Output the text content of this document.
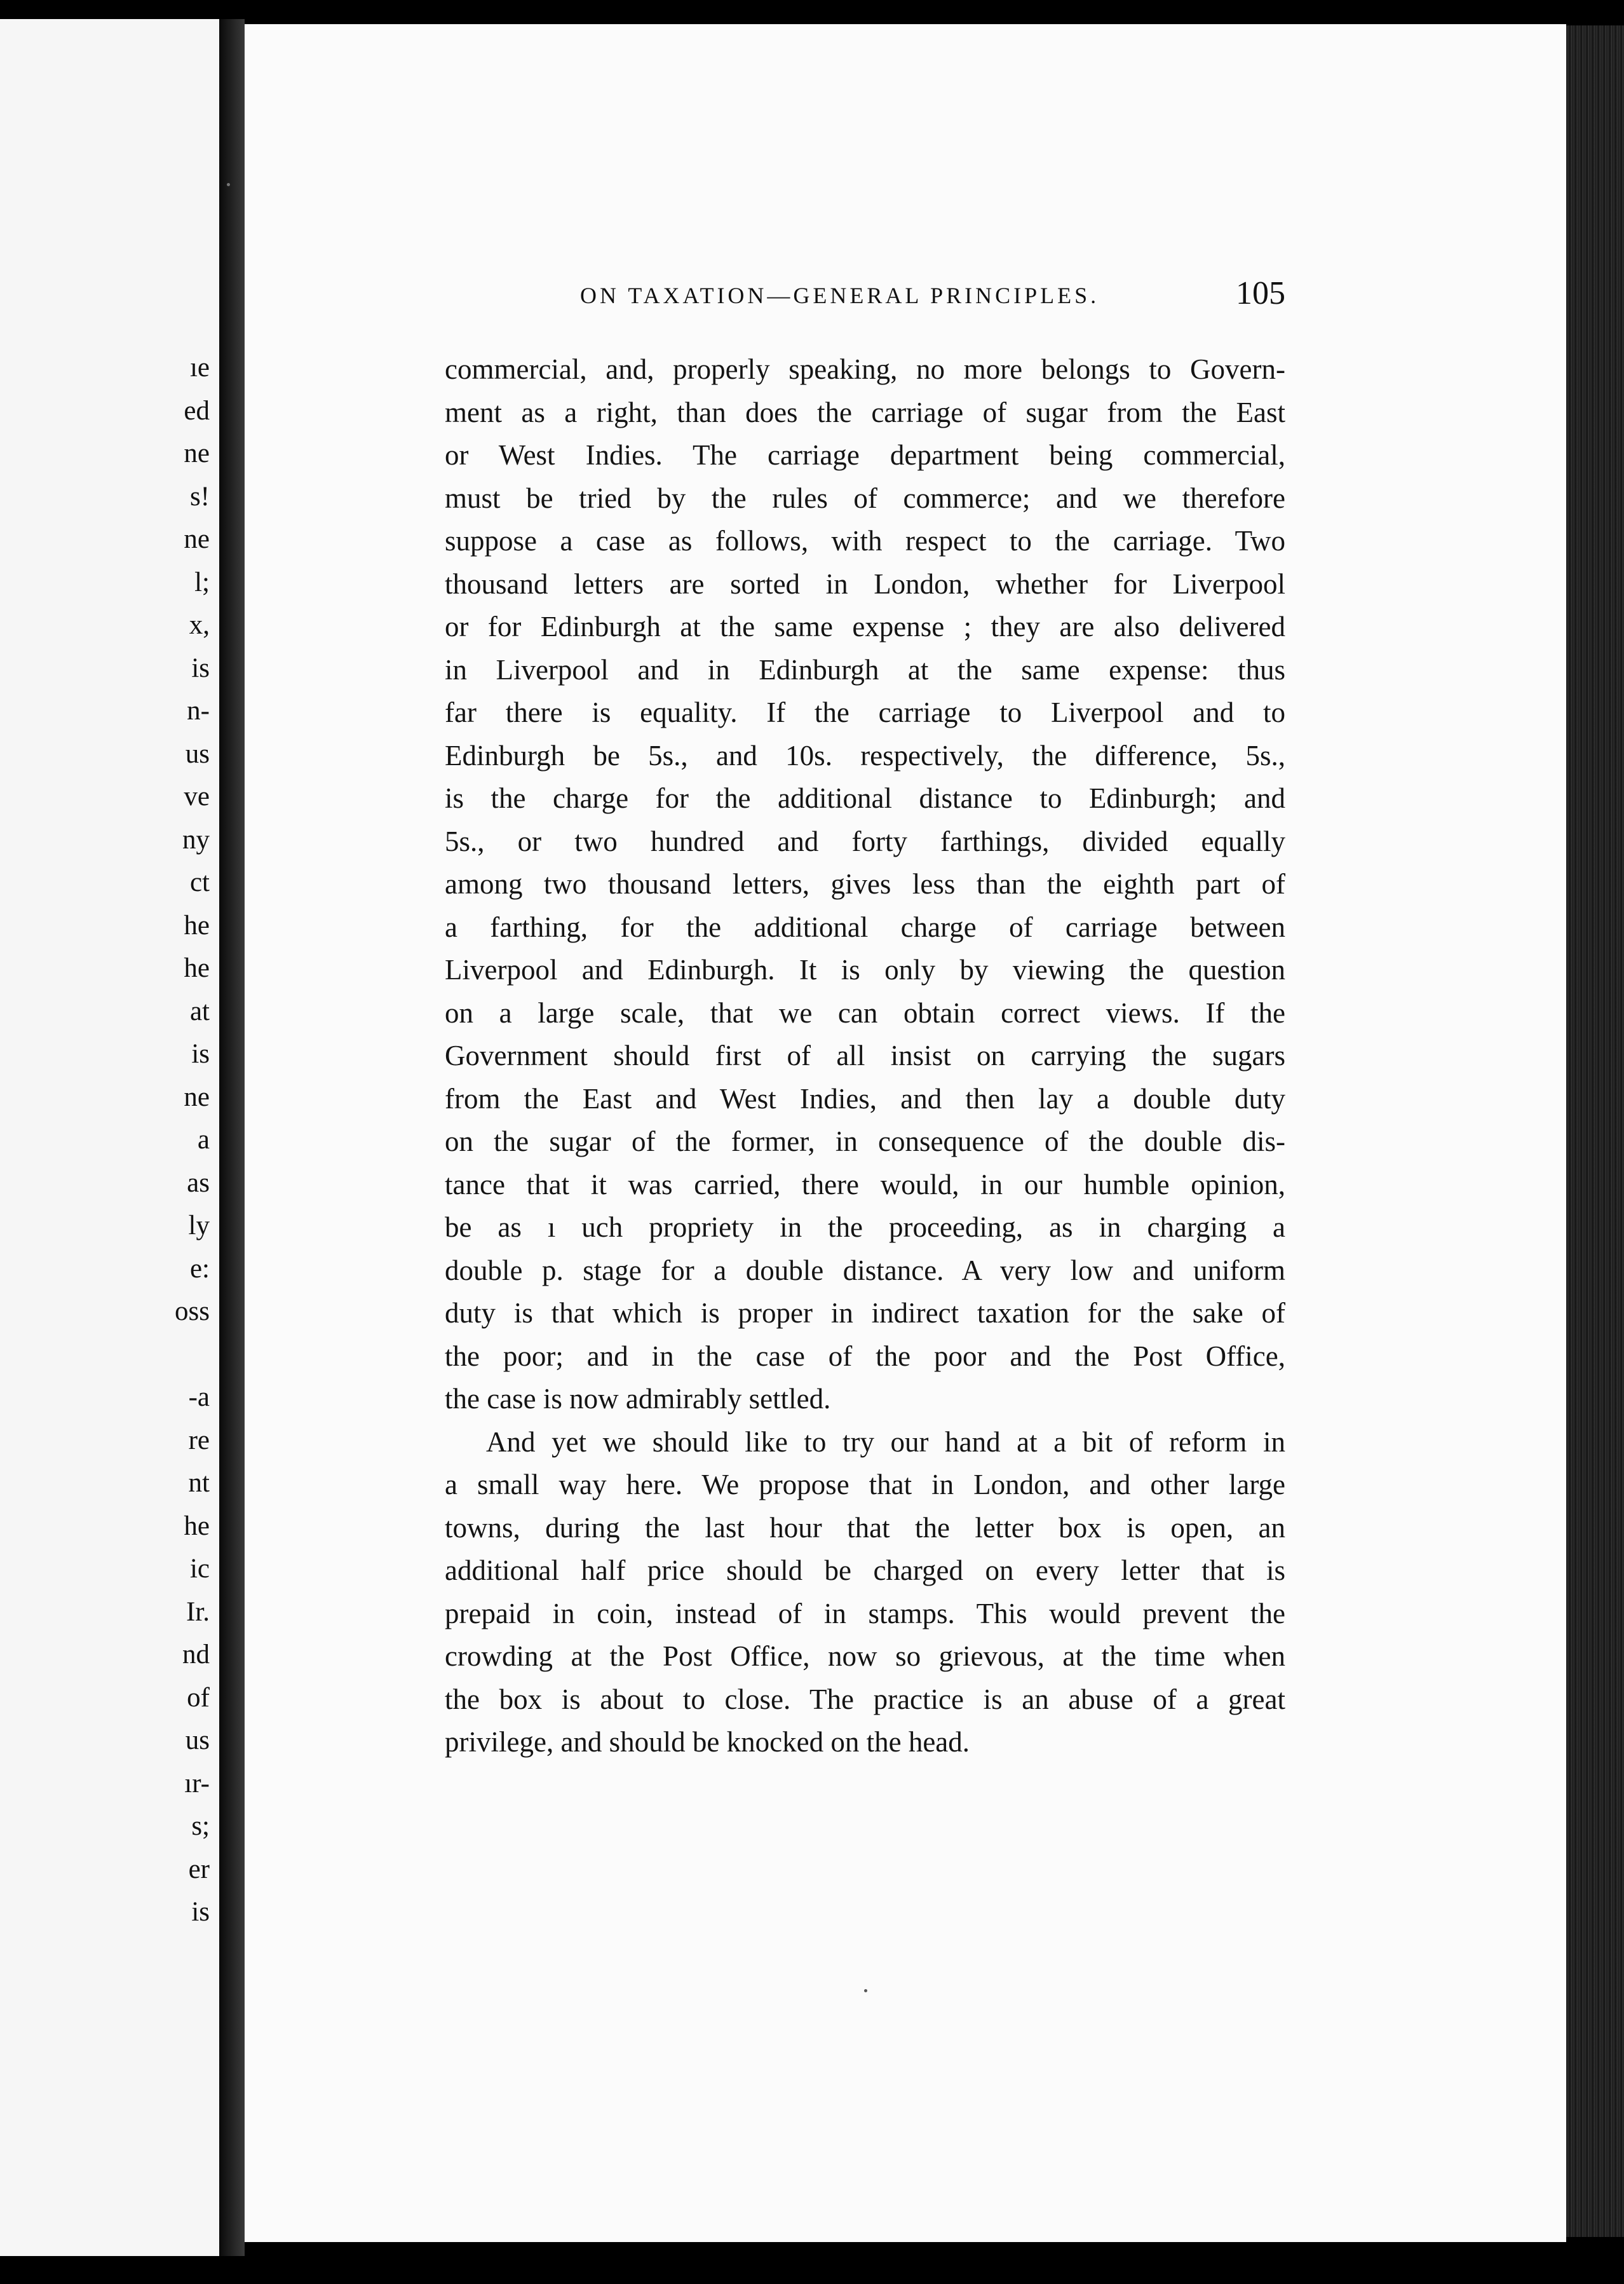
ıe
ed
ne
s!
ne
l;
x,
is
n-
us
ve
ny
ct
he
he
at
is
ne
a
as
ly
e:
oss
-a
re
nt
he
ic
Ir.
nd
of
us
ır-
s;
er
is
ON TAXATION—GENERAL PRINCIPLES.	105
commercial, and, properly speaking, no more belongs to Govern-
ment as a right, than does the carriage of sugar from the East
or West Indies. The carriage department being commercial,
must be tried by the rules of commerce; and we therefore
suppose a case as follows, with respect to the carriage. Two
thousand letters are sorted in London, whether for Liverpool
or for Edinburgh at the same expense ; they are also delivered
in Liverpool and in Edinburgh at the same expense: thus
far there is equality. If the carriage to Liverpool and to
Edinburgh be 5s., and 10s. respectively, the difference, 5s.,
is the charge for the additional distance to Edinburgh; and
5s., or two hundred and forty farthings, divided equally
among two thousand letters, gives less than the eighth part of
a farthing, for the additional charge of carriage between
Liverpool and Edinburgh. It is only by viewing the question
on a large scale, that we can obtain correct views. If the
Government should first of all insist on carrying the sugars
from the East and West Indies, and then lay a double duty
on the sugar of the former, in consequence of the double dis-
tance that it was carried, there would, in our humble opinion,
be as ı uch propriety in the proceeding, as in charging a
double p. stage for a double distance. A very low and uniform
duty is that which is proper in indirect taxation for the sake of
the poor; and in the case of the poor and the Post Office,
the case is now admirably settled.
And yet we should like to try our hand at a bit of reform in
a small way here. We propose that in London, and other large
towns, during the last hour that the letter box is open, an
additional half price should be charged on every letter that is
prepaid in coin, instead of in stamps. This would prevent the
crowding at the Post Office, now so grievous, at the time when
the box is about to close. The practice is an abuse of a great
privilege, and should be knocked on the head.
